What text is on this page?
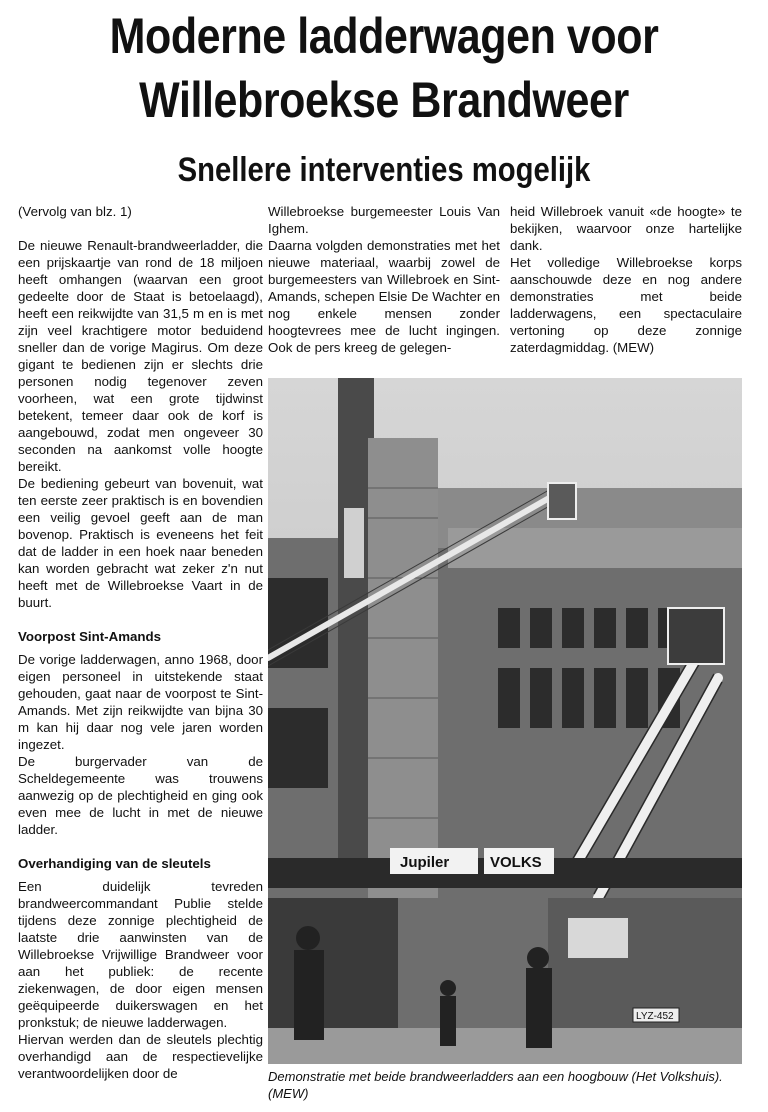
Moderne ladderwagen voor
Willebroekse Brandweer
Snellere interventies mogelijk

(Vervolg van blz. 1)

De nieuwe Renault-brandweerladder, die een prijskaartje van rond de 18 miljoen heeft omhangen (waarvan een groot gedeelte door de Staat is betoelaagd), heeft een reikwijdte van 31,5 m en is met zijn veel krachtigere motor beduidend sneller dan de vorige Magirus. Om deze gigant te bedienen zijn er slechts drie personen nodig tegenover zeven voorheen, wat een grote tijdwinst betekent, temeer daar ook de korf is aangebouwd, zodat men ongeveer 30 seconden na aankomst volle hoogte bereikt.

De bediening gebeurt van bovenuit, wat ten eerste zeer praktisch is en bovendien een veilig gevoel geeft aan de man bovenop. Praktisch is eveneens het feit dat de ladder in een hoek naar beneden kan worden gebracht wat zeker z'n nut heeft met de Willebroekse Vaart in de buurt.

Voorpost Sint-Amands

De vorige ladderwagen, anno 1968, door eigen personeel in uitstekende staat gehouden, gaat naar de voorpost te Sint-Amands. Met zijn reikwijdte van bijna 30 m kan hij daar nog vele jaren worden ingezet.

De burgervader van de Scheldegemeente was trouwens aanwezig op de plechtigheid en ging ook even mee de lucht in met de nieuwe ladder.

Overhandiging van de sleutels

Een duidelijk tevreden brandweercommandant Publie stelde tijdens deze zonnige plechtigheid de laatste drie aanwinsten van de Willebroekse Vrijwillige Brandweer voor aan het publiek: de recente ziekenwagen, de door eigen mensen geëquipeerde duikerswagen en het pronkstuk; de nieuwe ladderwagen.

Hiervan werden dan de sleutels plechtig overhandigd aan de respectievelijke verantwoordelijken door de

Willebroekse burgemeester Louis Van Ighem.

Daarna volgden demonstraties met het nieuwe materiaal, waarbij zowel de burgemeesters van Willebroek en Sint-Amands, schepen Elsie De Wachter en nog enkele mensen zonder hoogtevrees mee de lucht ingingen. Ook de pers kreeg de gelegen-

heid Willebroek vanuit «de hoogte» te bekijken, waarvoor onze hartelijke dank.

Het volledige Willebroekse korps aanschouwde deze en nog andere demonstraties met beide ladderwagens, een spectaculaire vertoning op deze zonnige zaterdagmiddag. (MEW)

Jupiler	VOLKS
LYZ-452
Demonstratie met beide brandweerladders aan een hoogbouw (Het Volkshuis). (MEW)
